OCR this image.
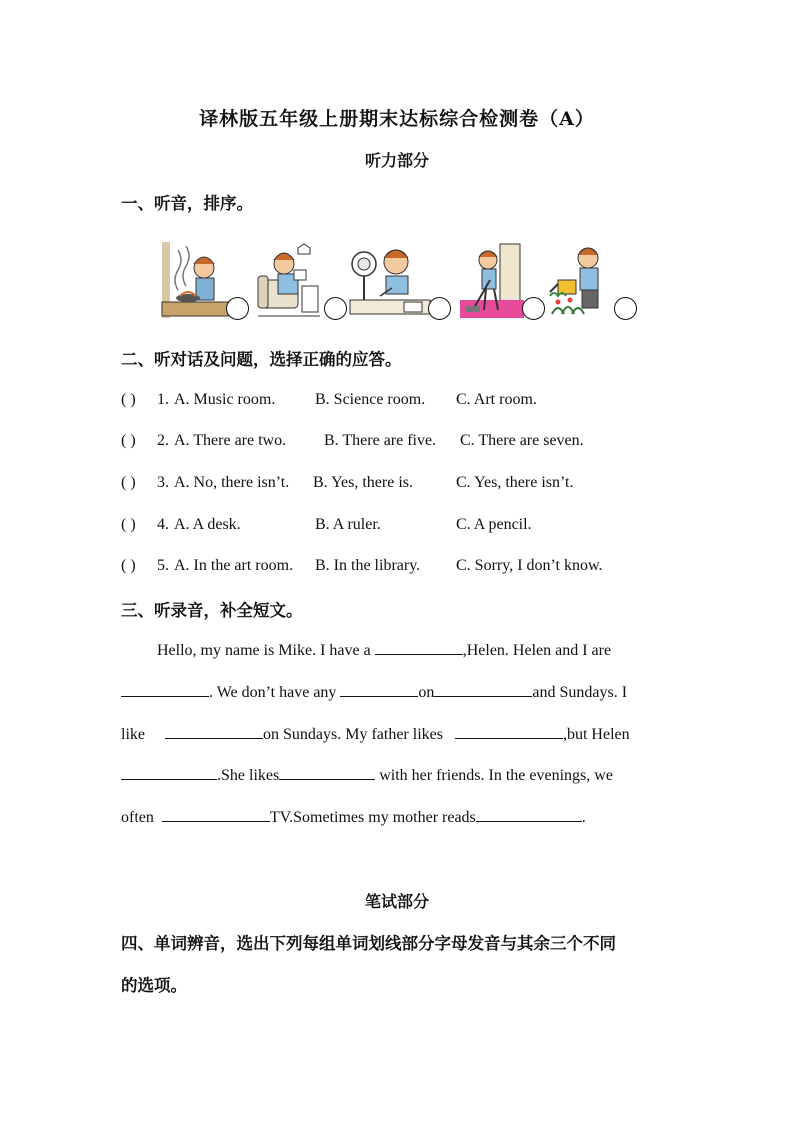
译林版五年级上册期末达标综合检测卷（A）
听力部分
一、听音，排序。
二、听对话及问题，选择正确的应答。
( ) 1. A. Music room. B. Science room. C. Art room.
( ) 2. A. There are two. B. There are five. C. There are seven.
( ) 3. A. No, there isn’t. B. Yes, there is.	C. Yes, there isn’t.
( ) 4. A. A desk.	B. A ruler.	C. A pencil.
( ) 5. A. In the art room. B. In the library. C. Sorry, I don’t know.
三、听录音，补全短文。
Hello, my name is Mike. I have a	,Helen. Helen and I are
. We don’t have any	on	and Sundays. I
like	on Sundays. My father likes	,but Helen
.She likes	with her friends. In the evenings, we
often	TV.Sometimes my mother reads	.
笔试部分
四、单词辨音，选出下列每组单词划线部分字母发音与其余三个不同
的选项。
